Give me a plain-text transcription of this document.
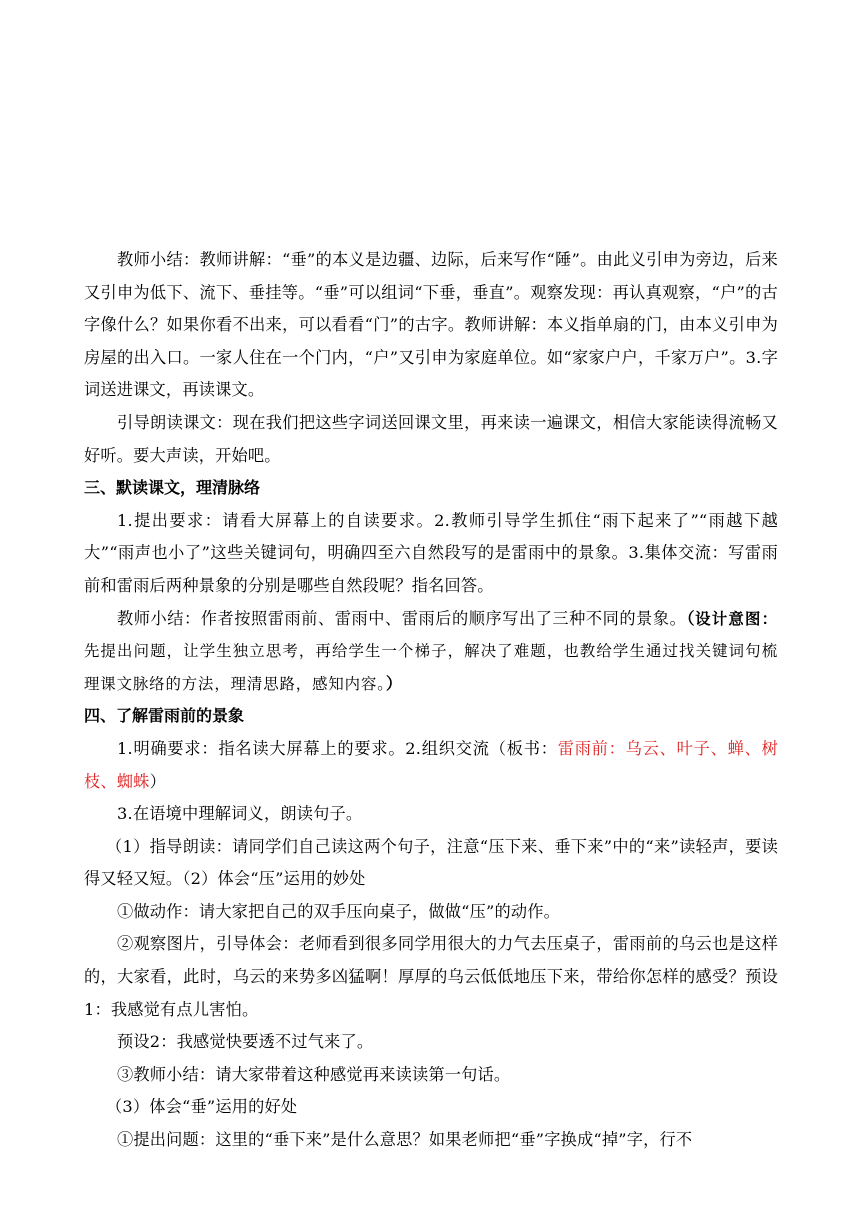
教师小结：教师讲解：“垂”的本义是边疆、边际，后来写作“陲”。由此义引申为旁边，后来又引申为低下、流下、垂挂等。“垂”可以组词“下垂，垂直”。观察发现：再认真观察，“户”的古字像什么？如果你看不出来，可以看看“门”的古字。教师讲解：本义指单扇的门，由本义引申为房屋的出入口。一家人住在一个门内，“户”又引申为家庭单位。如“家家户户，千家万户”。3.字词送进课文，再读课文。

引导朗读课文：现在我们把这些字词送回课文里，再来读一遍课文，相信大家能读得流畅又好听。要大声读，开始吧。

三、默读课文，理清脉络

1.提出要求：请看大屏幕上的自读要求。2.教师引导学生抓住“雨下起来了”“雨越下越大”“雨声也小了”这些关键词句，明确四至六自然段写的是雷雨中的景象。3.集体交流：写雷雨前和雷雨后两种景象的分别是哪些自然段呢？指名回答。

教师小结：作者按照雷雨前、雷雨中、雷雨后的顺序写出了三种不同的景象。（设计意图：先提出问题，让学生独立思考，再给学生一个梯子，解决了难题，也教给学生通过找关键词句梳理课文脉络的方法，理清思路，感知内容。）

四、了解雷雨前的景象

1.明确要求：指名读大屏幕上的要求。2.组织交流（板书：雷雨前：乌云、叶子、蝉、树枝、蜘蛛）

3.在语境中理解词义，朗读句子。

（1）指导朗读：请同学们自己读这两个句子，注意“压下来、垂下来”中的“来”读轻声，要读得又轻又短。（2）体会“压”运用的妙处

①做动作：请大家把自己的双手压向桌子，做做“压”的动作。

②观察图片，引导体会：老师看到很多同学用很大的力气去压桌子，雷雨前的乌云也是这样的，大家看，此时，乌云的来势多凶猛啊！厚厚的乌云低低地压下来，带给你怎样的感受？预设1：我感觉有点儿害怕。

预设2：我感觉快要透不过气来了。

③教师小结：请大家带着这种感觉再来读读第一句话。

（3）体会“垂”运用的好处

①提出问题：这里的“垂下来”是什么意思？如果老师把“垂”字换成“掉”字，行不
